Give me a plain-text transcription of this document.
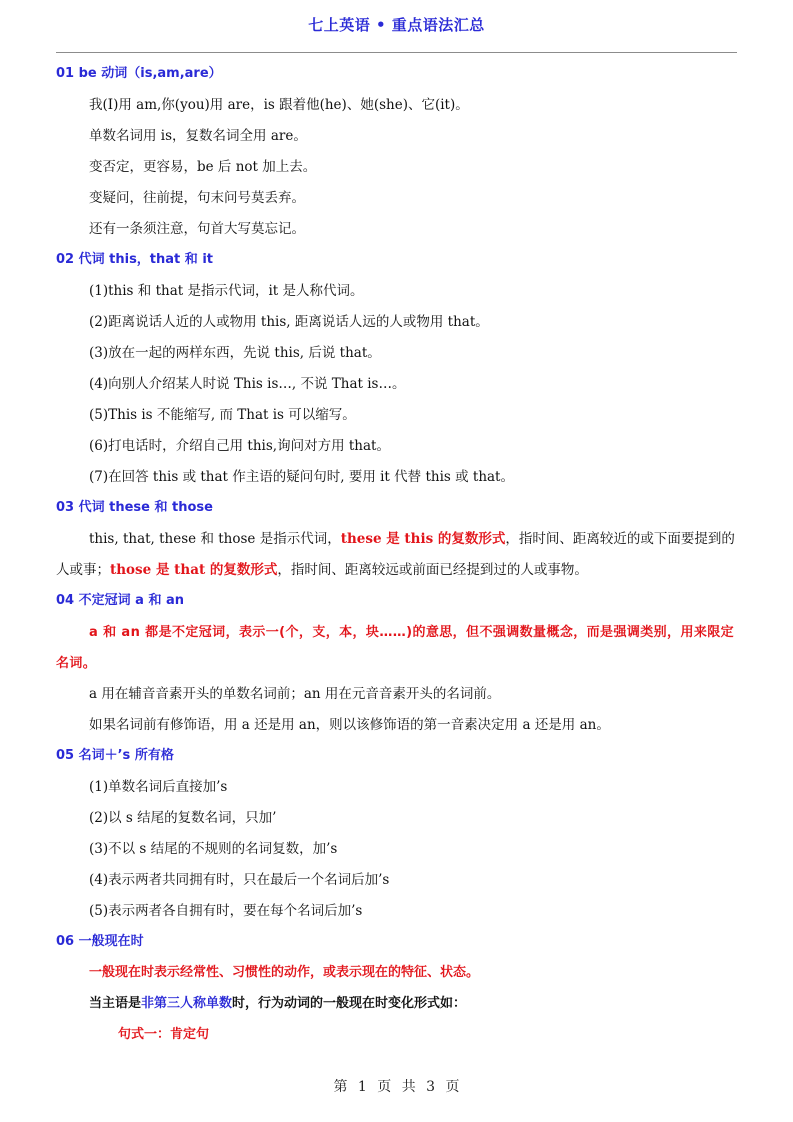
七上英语 • 重点语法汇总
01 be 动词（is,am,are）
我(I)用 am,你(you)用 are，is 跟着他(he)、她(she)、它(it)。
单数名词用 is，复数名词全用 are。
变否定，更容易，be 后 not 加上去。
变疑问，往前提，句末问号莫丢弃。
还有一条须注意，句首大写莫忘记。
02 代词 this，that 和 it
(1)this 和 that 是指示代词，it 是人称代词。
(2)距离说话人近的人或物用 this, 距离说话人远的人或物用 that。
(3)放在一起的两样东西，先说 this, 后说 that。
(4)向别人介绍某人时说 This is…, 不说 That is…。
(5)This is 不能缩写, 而 That is 可以缩写。
(6)打电话时，介绍自己用 this,询问对方用 that。
(7)在回答 this 或 that 作主语的疑问句时, 要用 it 代替 this 或 that。
03 代词 these 和 those
this, that, these 和 those 是指示代词，these 是 this 的复数形式，指时间、距离较近的或下面要提到的人或事；those 是 that 的复数形式，指时间、距离较远或前面已经提到过的人或事物。
04 不定冠词 a 和 an
a 和 an 都是不定冠词，表示一(个，支，本，块……)的意思，但不强调数量概念，而是强调类别，用来限定名词。
a 用在辅音音素开头的单数名词前；an 用在元音音素开头的名词前。
如果名词前有修饰语，用 a 还是用 an，则以该修饰语的第一音素决定用 a 还是用 an。
05 名词＋’s 所有格
(1)单数名词后直接加’s
(2)以 s 结尾的复数名词，只加’
(3)不以 s 结尾的不规则的名词复数，加’s
(4)表示两者共同拥有时，只在最后一个名词后加’s
(5)表示两者各自拥有时，要在每个名词后加’s
06 一般现在时
一般现在时表示经常性、习惯性的动作，或表示现在的特征、状态。
当主语是非第三人称单数时，行为动词的一般现在时变化形式如：
句式一：肯定句
第 1 页 共 3 页
